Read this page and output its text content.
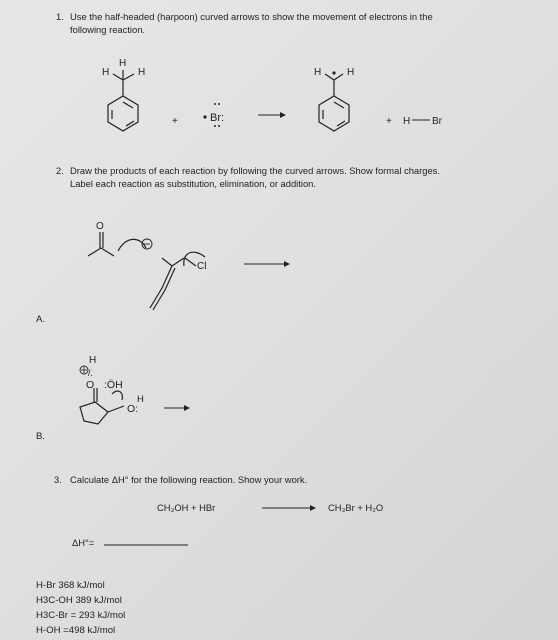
1. Use the half-headed (harpoon) curved arrows to show the movement of electrons in the
following reaction.
H
H	H
+	Br:
H	H
+ H Br
O
Cl
H
/.
O :ÖH
O:
H
2. Draw the products of each reaction by following the curved arrows. Show formal charges.
Label each reaction as substitution, elimination, or addition.
A.
B.
3. Calculate ΔH° for the following reaction. Show your work.
CH₃OH + HBr	CH₃Br + H₂O
ΔH°=
H-Br 368 kJ/mol
H3C-OH 389 kJ/mol
H3C-Br = 293 kJ/mol
H-OH =498 kJ/mol
